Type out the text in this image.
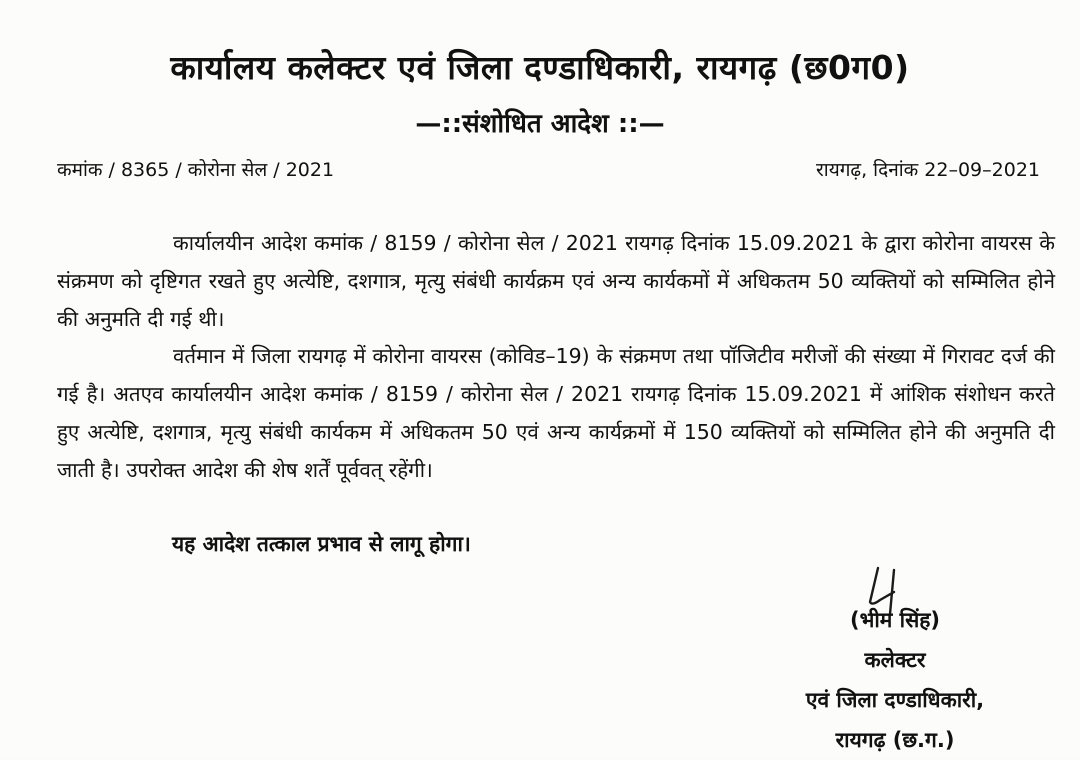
कार्यालय कलेक्टर एवं जिला दण्डाधिकारी, रायगढ़ (छ0ग0)
—::संशोधित आदेश ::—
कमांक / 8365 / कोरोना सेल / 2021	रायगढ़, दिनांक 22–09–2021
कार्यालयीन आदेश कमांक / 8159 / कोरोना सेल / 2021 रायगढ़ दिनांक 15.09.2021 के द्वारा कोरोना वायरस के संक्रमण को दृष्टिगत रखते हुए अत्येष्टि, दशगात्र, मृत्यु संबंधी कार्यक्रम एवं अन्य कार्यकमों में अधिकतम 50 व्यक्तियों को सम्मिलित होने की अनुमति दी गई थी।
वर्तमान में जिला रायगढ़ में कोरोना वायरस (कोविड–19) के संक्रमण तथा पॉजिटीव मरीजों की संख्या में गिरावट दर्ज की गई है। अतएव कार्यालयीन आदेश कमांक / 8159 / कोरोना सेल / 2021 रायगढ़ दिनांक 15.09.2021 में आंशिक संशोधन करते हुए अत्येष्टि, दशगात्र, मृत्यु संबंधी कार्यकम में अधिकतम 50 एवं अन्य कार्यक्रमों में 150 व्यक्तियों को सम्मिलित होने की अनुमति दी जाती है। उपरोक्त आदेश की शेष शर्तें पूर्ववत् रहेंगी।
यह आदेश तत्काल प्रभाव से लागू होगा।
(भीम सिंह)
कलेक्टर
एवं जिला दण्डाधिकारी,
रायगढ़ (छ.ग.)
